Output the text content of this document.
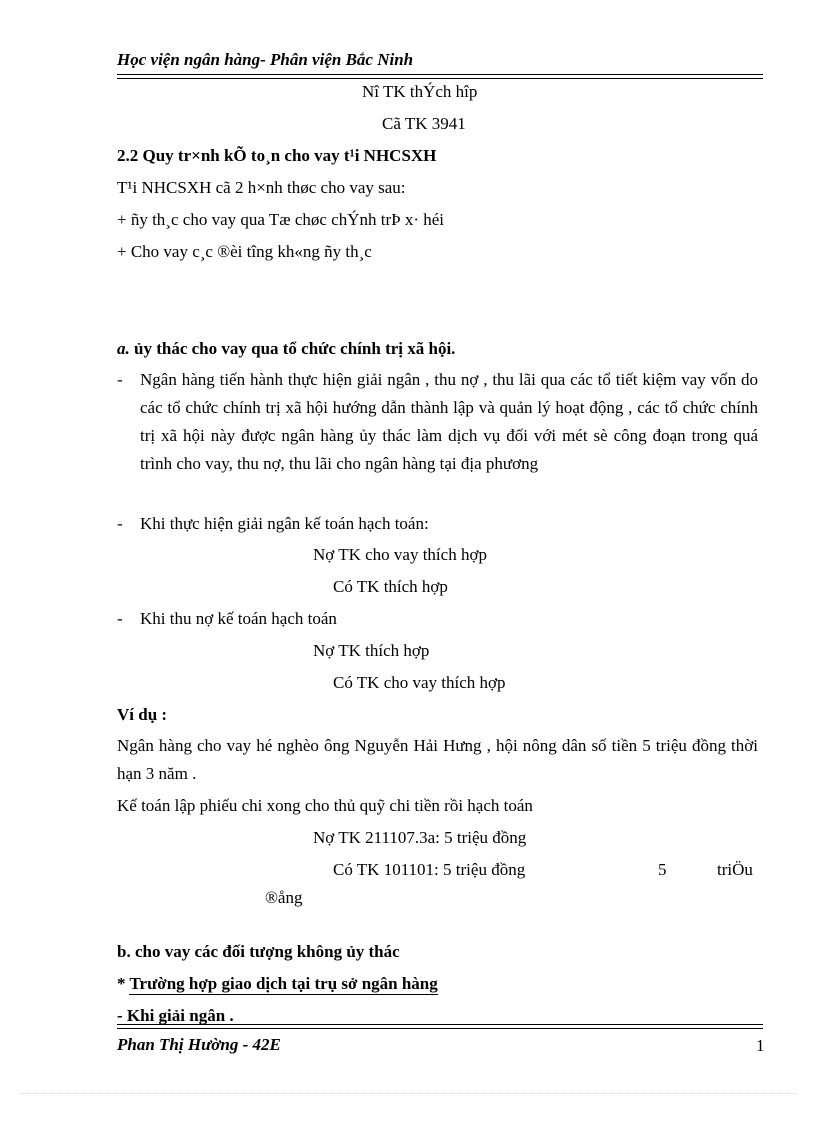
Học viện ngân hàng- Phân viện Bắc Ninh
Nî TK thÝch hîp
Cã TK 3941
2.2 Quy tr×nh kÕ to¸n cho vay t¹i NHCSXH
T¹i NHCSXH cã 2 h×nh thøc cho vay sau:
+ ñy th¸c cho vay qua Tæ chøc chÝnh trÞ x· héi
+ Cho vay c¸c ®èi tîng kh«ng ñy th¸c
a. ủy thác cho vay qua tổ chức chính trị xã hội.
- Ngân hàng tiến hành thực hiện giải ngân , thu nợ , thu lãi qua các tổ tiết kiệm vay vốn do các tổ chức chính trị xã hội hướng dẫn thành lập và quản lý hoạt động , các tổ chức chính trị xã hội này được ngân hàng ủy thác làm dịch vụ đối với mét sè công đoạn trong quá trình cho vay, thu nợ, thu lãi cho ngân hàng tại địa phương
- Khi thực hiện giải ngân kế toán hạch toán:
Nợ TK cho vay thích hợp
Có TK thích hợp
- Khi thu nợ kế toán hạch toán
Nợ TK thích hợp
Có TK cho vay thích hợp
Ví dụ :
Ngân hàng cho vay hé nghèo ông Nguyễn Hải Hưng , hội nông dân số tiền 5 triệu đồng thời hạn 3 năm .
Kế toán lập phiếu chi xong cho thủ quỹ chi tiền rồi hạch toán
Nợ TK 211107.3a: 5 triệu đồng
Có TK 101101: 5 triệu đồng	5	triÖu
®ång
b. cho vay các đối tượng không ủy thác
* Trường hợp giao dịch tại trụ sở ngân hàng
- Khi giải ngân .
Phan Thị Hường - 42E	1
